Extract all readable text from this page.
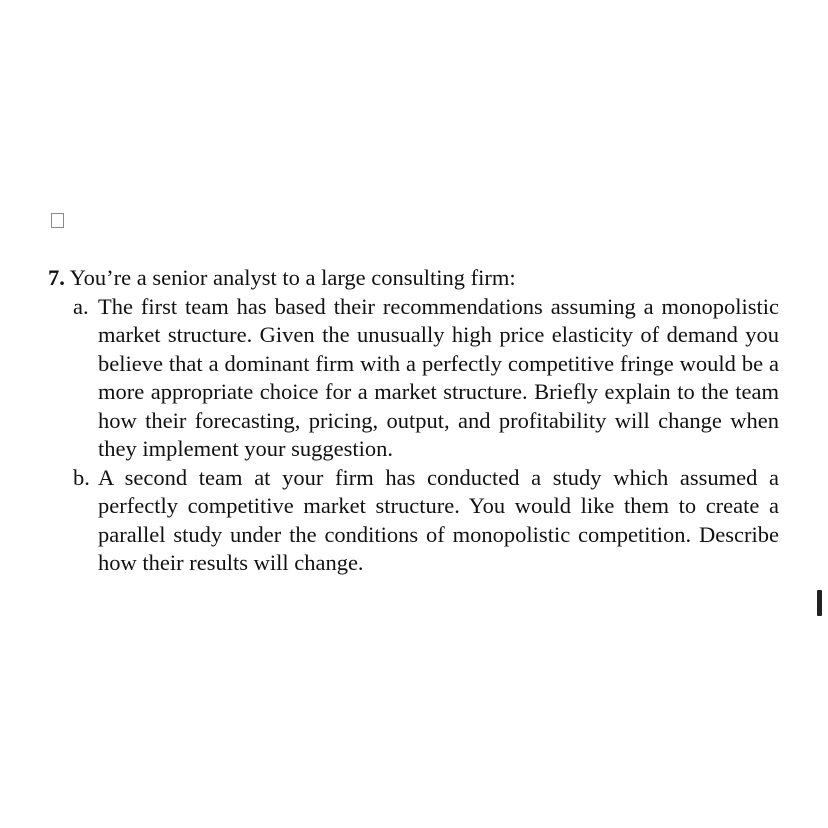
7. You’re a senior analyst to a large consulting firm:

a. The first team has based their recommendations assuming a monopolistic market structure. Given the unusually high price elasticity of demand you believe that a dominant firm with a perfectly competitive fringe would be a more appropriate choice for a market structure. Briefly explain to the team how their forecasting, pricing, output, and profitability will change when they implement your suggestion.

b. A second team at your firm has conducted a study which assumed a perfectly competitive market structure. You would like them to create a parallel study under the conditions of monopolistic competition. Describe how their results will change.
